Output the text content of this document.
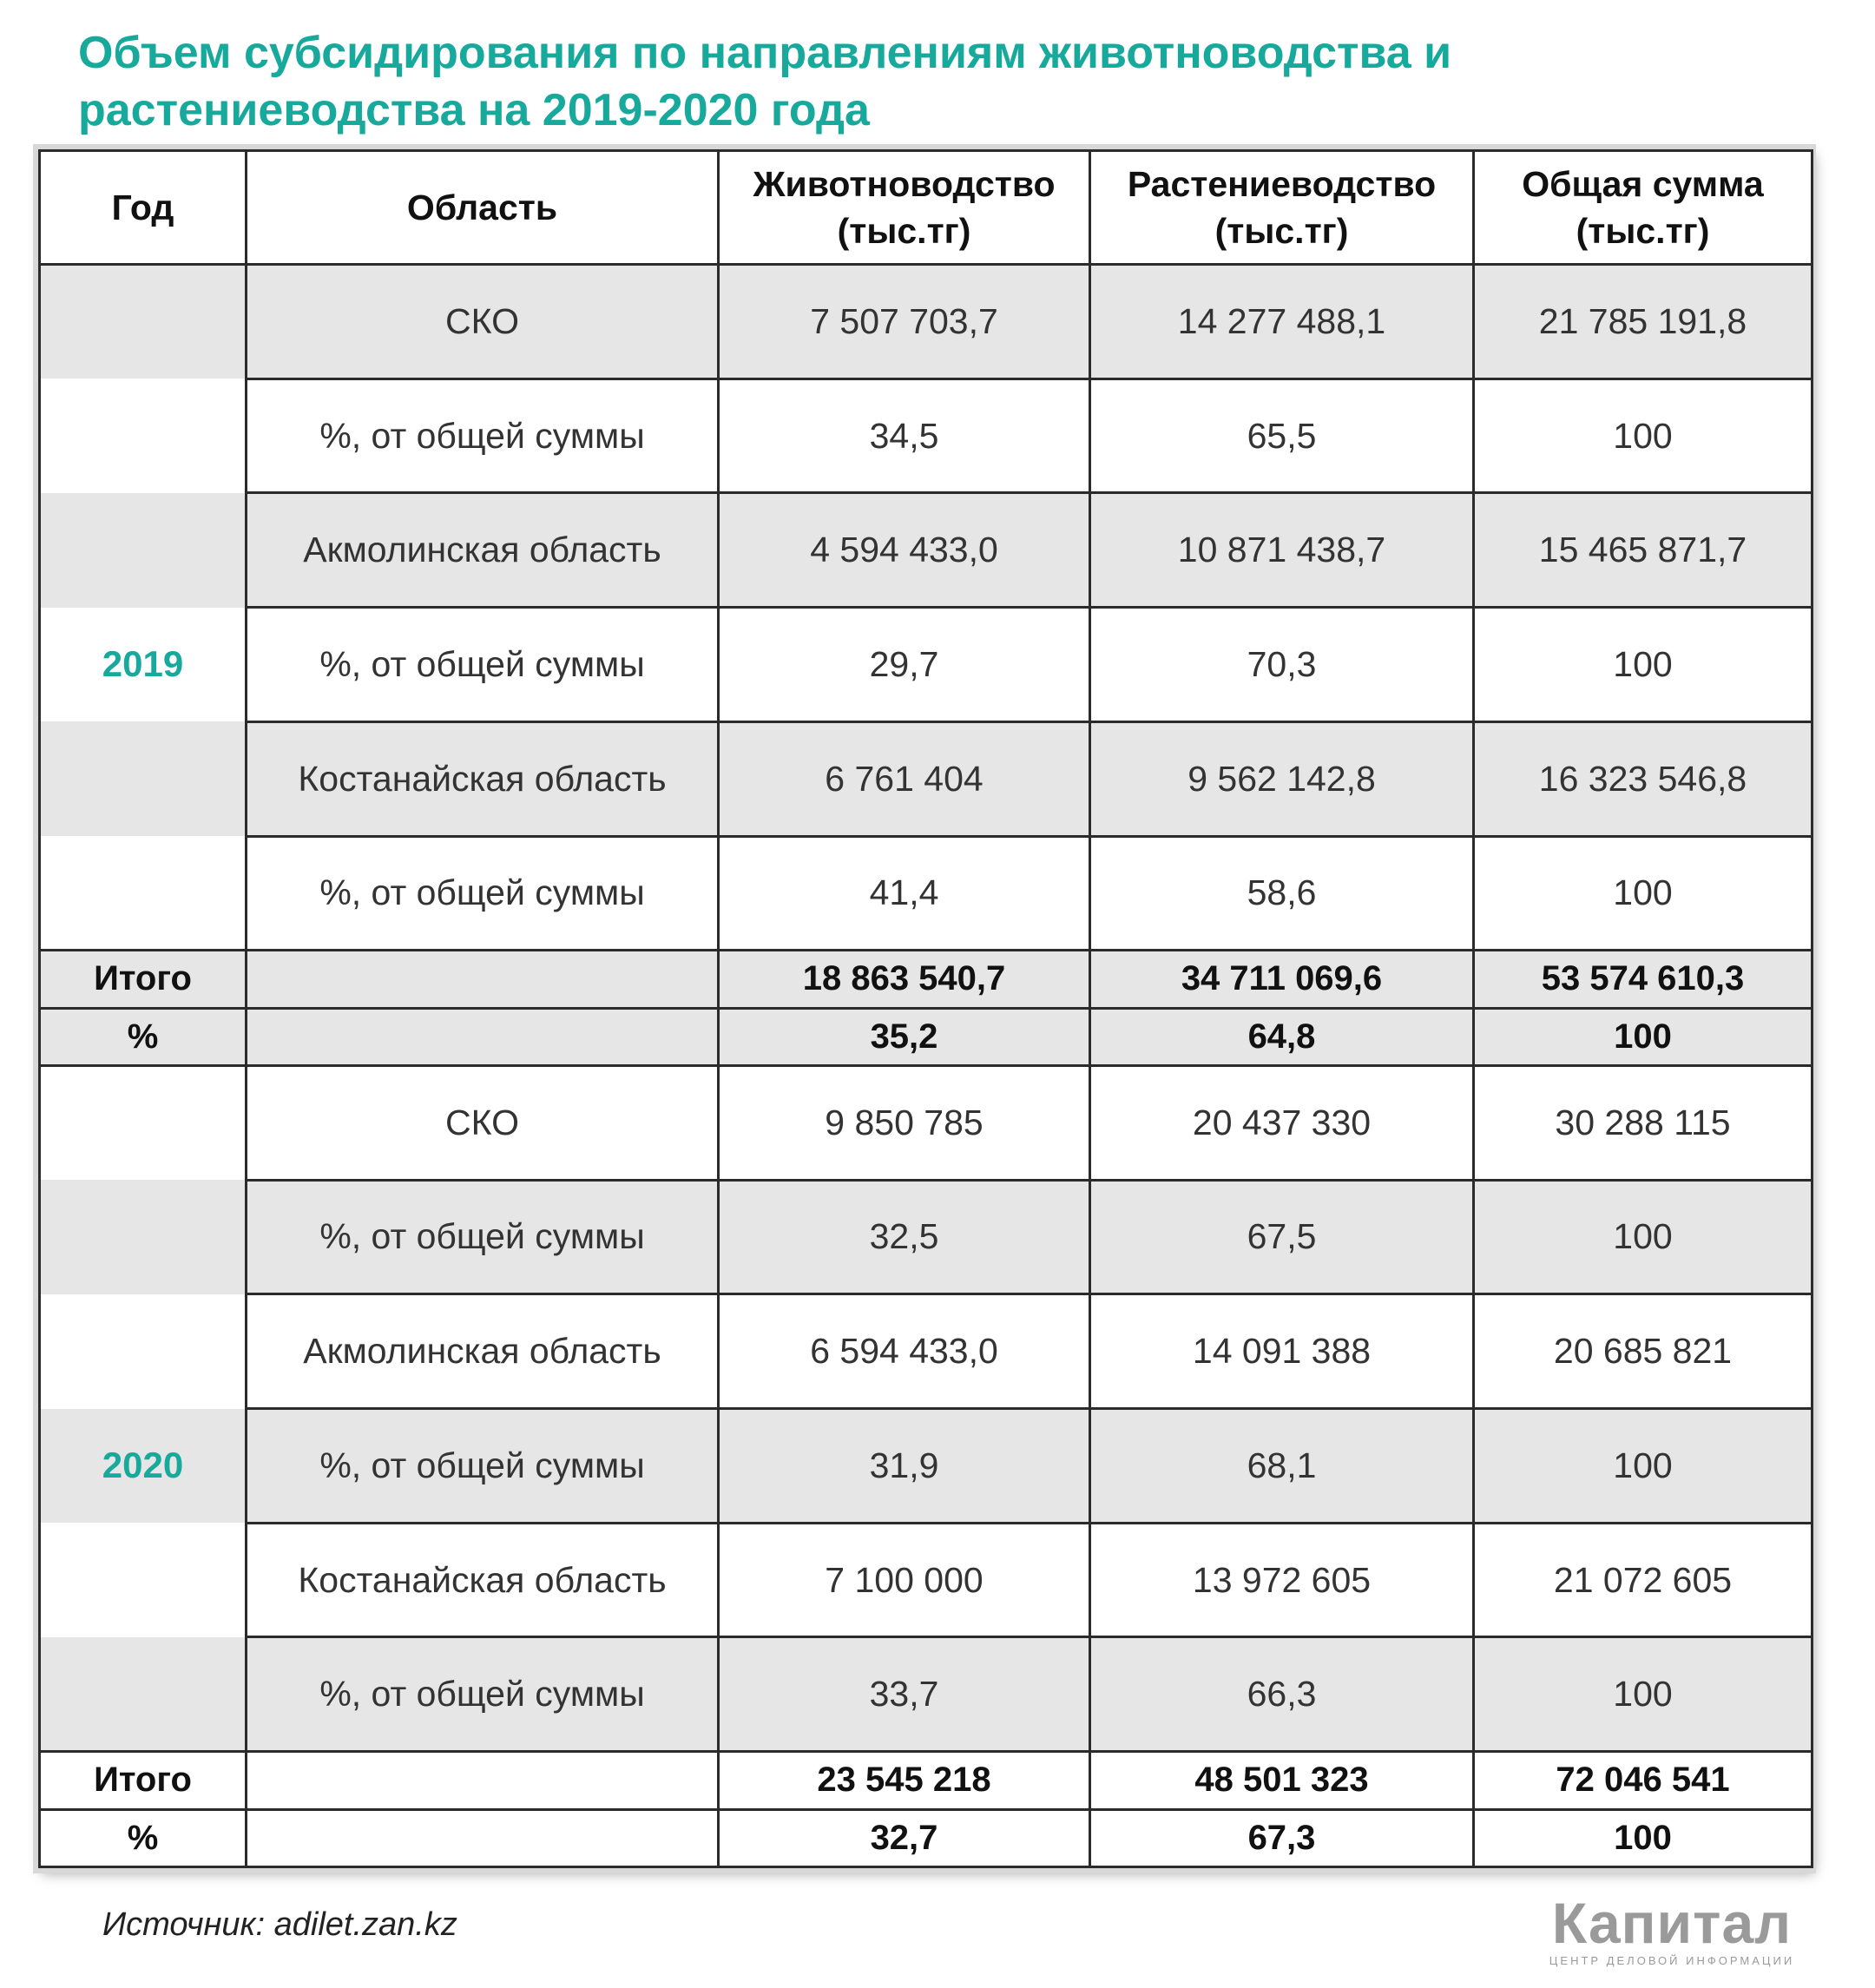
Объем субсидирования по направлениям животноводства и растениеводства на 2019-2020 года
Год	Область	Животноводство (тыс.тг)	Растениеводство (тыс.тг)	Общая сумма (тыс.тг)
	СКО	7 507 703,7	14 277 488,1	21 785 191,8
	%, от общей суммы	34,5	65,5	100
	Акмолинская область	4 594 433,0	10 871 438,7	15 465 871,7
2019	%, от общей суммы	29,7	70,3	100
	Костанайская область	6 761 404	9 562 142,8	16 323 546,8
	%, от общей суммы	41,4	58,6	100
Итого		18 863 540,7	34 711 069,6	53 574 610,3
%		35,2	64,8	100
	СКО	9 850 785	20 437 330	30 288 115
	%, от общей суммы	32,5	67,5	100
	Акмолинская область	6 594 433,0	14 091 388	20 685 821
2020	%, от общей суммы	31,9	68,1	100
	Костанайская область	7 100 000	13 972 605	21 072 605
	%, от общей суммы	33,7	66,3	100
Итого		23 545 218	48 501 323	72 046 541
%		32,7	67,3	100
Источник: adilet.zan.kz	Капитал
ЦЕНТР ДЕЛОВОЙ ИНФОРМАЦИИ
